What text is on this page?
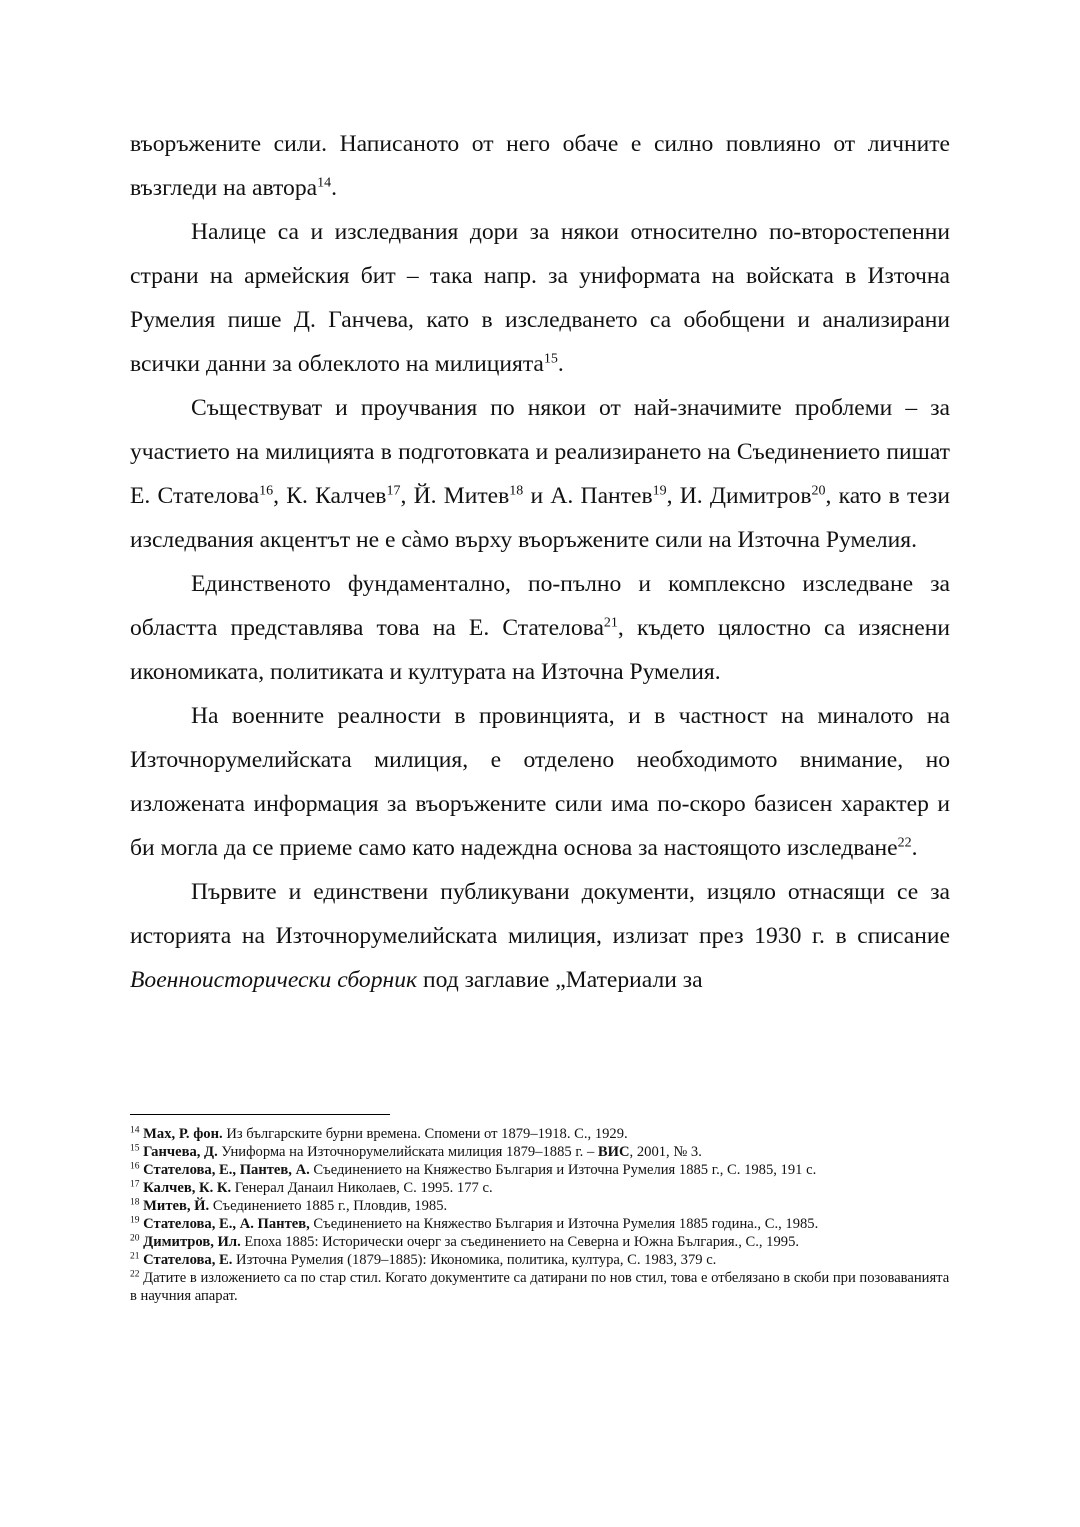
въоръжените сили. Написаното от него обаче е силно повлияно от личните възгледи на автора$^{14}$.

Налице са и изследвания дори за някои относително по-второстепенни страни на армейския бит – така напр. за униформата на войската в Източна Румелия пише Д. Ганчева, като в изследването са обобщени и анализирани всички данни за облеклото на милицията$^{15}$.

Съществуват и проучвания по някои от най-значимите проблеми – за участието на милицията в подготовката и реализирането на Съединението пишат Е. Стателова$^{16}$, К. Калчев$^{17}$, Й. Митев$^{18}$ и А. Пантев$^{19}$, И. Димитров$^{20}$, като в тези изследвания акцентът не е сàмо върху въоръжените сили на Източна Румелия.

Единственото фундаментално, по-пълно и комплексно изследване за областта представлява това на Е. Стателова$^{21}$, където цялостно са изяснени икономиката, политиката и културата на Източна Румелия.

На военните реалности в провинцията, и в частност на миналото на Източнорумелийската милиция, е отделено необходимото внимание, но изложената информация за въоръжените сили има по-скоро базисен характер и би могла да се приеме само като надеждна основа за настоящото изследване$^{22}$.

Първите и единствени публикувани документи, изцяло отнасящи се за историята на Източнорумелийската милиция, излизат през 1930 г. в списание Военноисторически сборник под заглавие „Материали за

$^{14}$ Мах, Р. фон. Из българските бурни времена. Спомени от 1879–1918. С., 1929.
$^{15}$ Ганчева, Д. Униформа на Източнорумелийската милиция 1879–1885 г. – ВИС, 2001, № 3.
$^{16}$ Стателова, Е., Пантев, А. Съединението на Княжество България и Източна Румелия 1885 г., С. 1985, 191 с.
$^{17}$ Калчев, К. К. Генерал Данаил Николаев, С. 1995. 177 с.
$^{18}$ Митев, Й. Съединението 1885 г., Пловдив, 1985.
$^{19}$ Стателова, Е., А. Пантев, Съединението на Княжество България и Източна Румелия 1885 година., С., 1985.
$^{20}$ Димитров, Ил. Епоха 1885: Исторически очерг за съединението на Северна и Южна България., С., 1995.
$^{21}$ Стателова, Е. Източна Румелия (1879–1885): Икономика, политика, култура, С. 1983, 379 с.
$^{22}$ Датите в изложението са по стар стил. Когато документите са датирани по нов стил, това е отбелязано в скоби при позоваванията в научния апарат.
